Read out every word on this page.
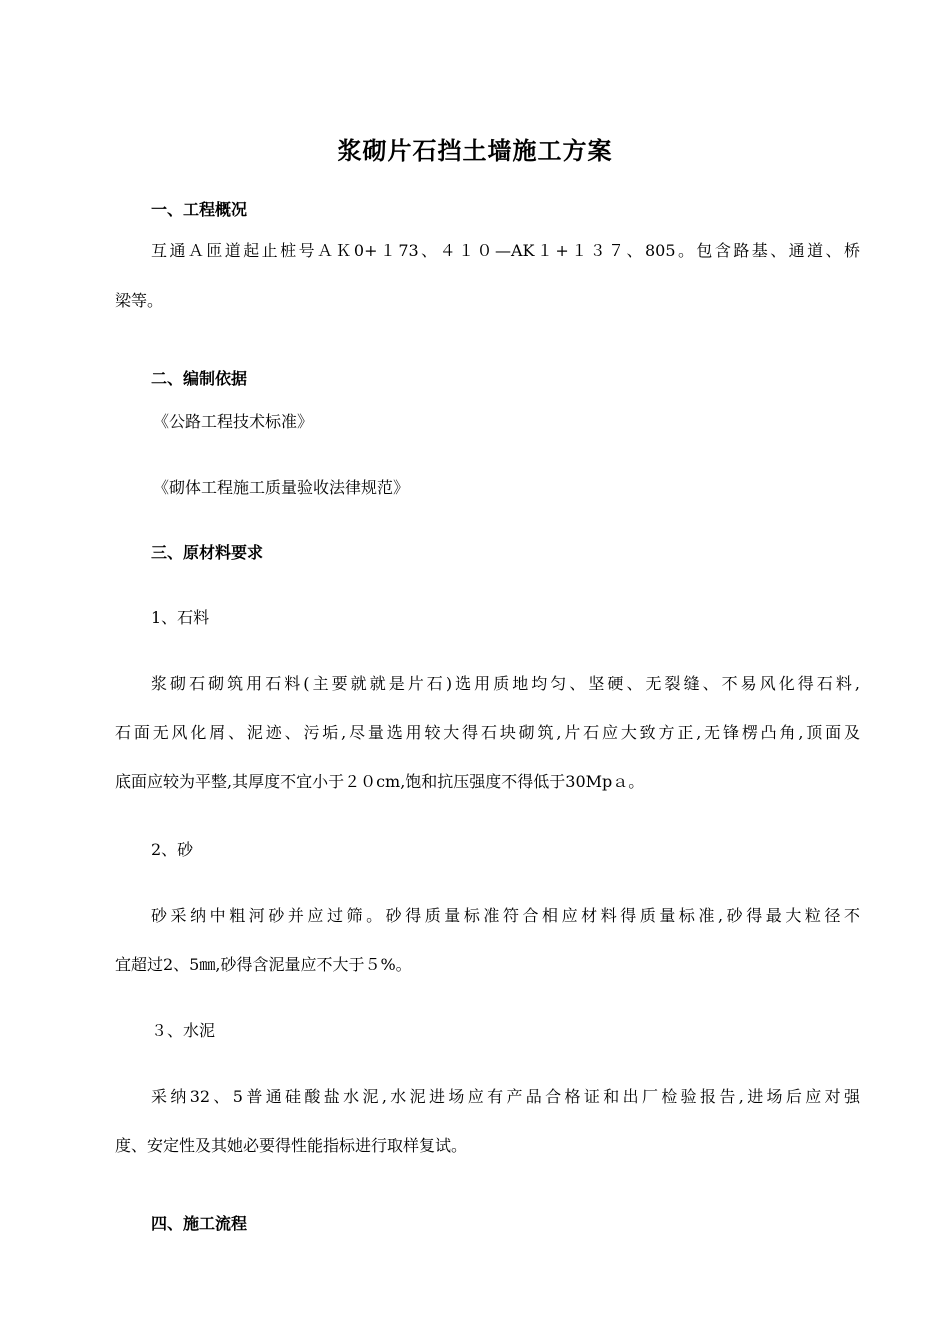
浆砌片石挡土墙施工方案
一、工程概况
互通Ａ匝道起止桩号ＡＫ0+１73、４１０—AK１+１３７、805。包含路基、通道、桥
梁等。
二、编制依据
《公路工程技术标准》
《砌体工程施工质量验收法律规范》
三、原材料要求
1、石料
浆砌石砌筑用石料(主要就就是片石)选用质地均匀、坚硬、无裂缝、不易风化得石料,
石面无风化屑、泥迹、污垢,尽量选用较大得石块砌筑,片石应大致方正,无锋楞凸角,顶面及
底面应较为平整,其厚度不宜小于２０cm,饱和抗压强度不得低于30Mpａ。
2、砂
砂采纳中粗河砂并应过筛。砂得质量标准符合相应材料得质量标准,砂得最大粒径不
宜超过2、5㎜,砂得含泥量应不大于５%。
３、水泥
采纳32、5普通硅酸盐水泥,水泥进场应有产品合格证和出厂检验报告,进场后应对强
度、安定性及其她必要得性能指标进行取样复试。
四、施工流程
